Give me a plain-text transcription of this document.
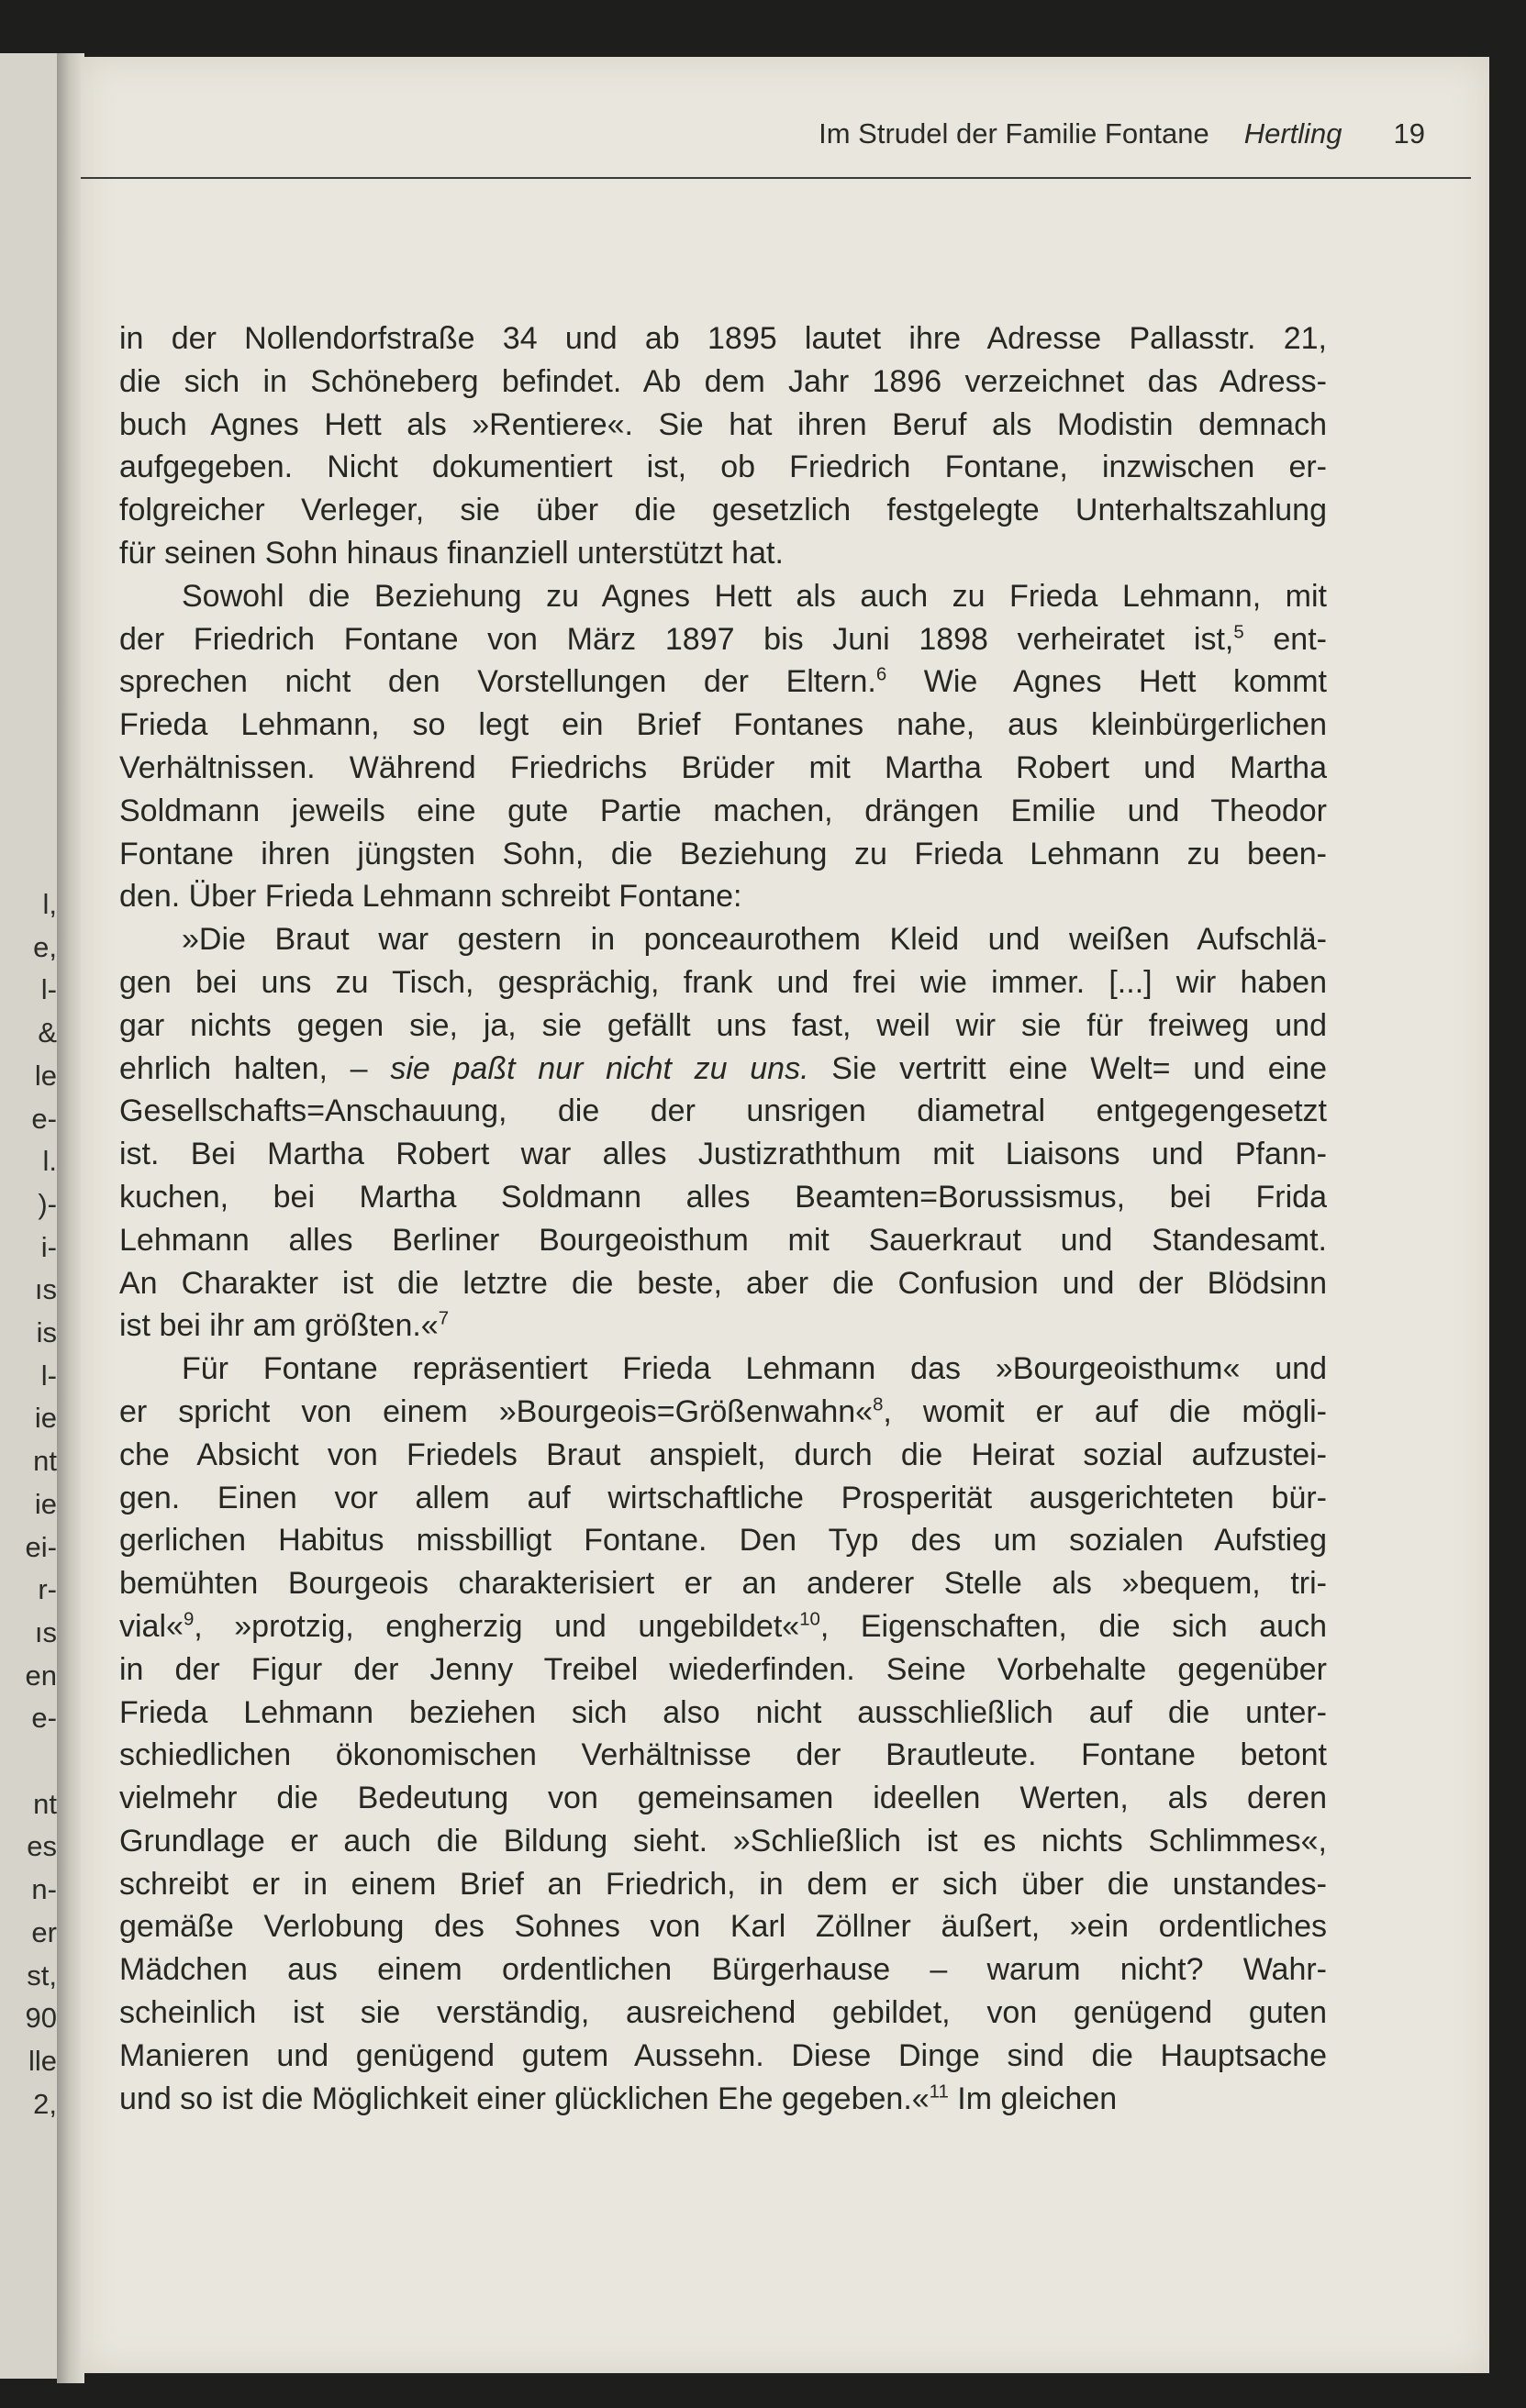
l,
e,
l-
&
le
e-
l.
)-
i-
ıs
is
l-
ie
nt
ie
ei-
r-
ıs
en
e-

nt
es
n-
er
st,
90
lle
2,
Im Strudel der Familie Fontane Hertling 19
in der Nollendorfstraße 34 und ab 1895 lautet ihre Adresse Pallasstr. 21,
die sich in Schöneberg befindet. Ab dem Jahr 1896 verzeichnet das Adress-
buch Agnes Hett als »Rentiere«. Sie hat ihren Beruf als Modistin demnach
aufgegeben. Nicht dokumentiert ist, ob Friedrich Fontane, inzwischen er-
folgreicher Verleger, sie über die gesetzlich festgelegte Unterhaltszahlung
für seinen Sohn hinaus finanziell unterstützt hat.
Sowohl die Beziehung zu Agnes Hett als auch zu Frieda Lehmann, mit
der Friedrich Fontane von März 1897 bis Juni 1898 verheiratet ist,$^5$ ent-
sprechen nicht den Vorstellungen der Eltern.$^6$ Wie Agnes Hett kommt
Frieda Lehmann, so legt ein Brief Fontanes nahe, aus kleinbürgerlichen
Verhältnissen. Während Friedrichs Brüder mit Martha Robert und Martha
Soldmann jeweils eine gute Partie machen, drängen Emilie und Theodor
Fontane ihren jüngsten Sohn, die Beziehung zu Frieda Lehmann zu been-
den. Über Frieda Lehmann schreibt Fontane:
»Die Braut war gestern in ponceaurothem Kleid und weißen Aufschlä-
gen bei uns zu Tisch, gesprächig, frank und frei wie immer. [...] wir haben
gar nichts gegen sie, ja, sie gefällt uns fast, weil wir sie für freiweg und
ehrlich halten, – sie paßt nur nicht zu uns. Sie vertritt eine Welt= und eine
Gesellschafts=Anschauung, die der unsrigen diametral entgegengesetzt
ist. Bei Martha Robert war alles Justizraththum mit Liaisons und Pfann-
kuchen, bei Martha Soldmann alles Beamten=Borussismus, bei Frida
Lehmann alles Berliner Bourgeoisthum mit Sauerkraut und Standesamt.
An Charakter ist die letztre die beste, aber die Confusion und der Blödsinn
ist bei ihr am größten.«$^7$
Für Fontane repräsentiert Frieda Lehmann das »Bourgeoisthum« und
er spricht von einem »Bourgeois=Größenwahn«$^8$, womit er auf die mögli-
che Absicht von Friedels Braut anspielt, durch die Heirat sozial aufzustei-
gen. Einen vor allem auf wirtschaftliche Prosperität ausgerichteten bür-
gerlichen Habitus missbilligt Fontane. Den Typ des um sozialen Aufstieg
bemühten Bourgeois charakterisiert er an anderer Stelle als »bequem, tri-
vial«$^9$, »protzig, engherzig und ungebildet«$^{10}$, Eigenschaften, die sich auch
in der Figur der Jenny Treibel wiederfinden. Seine Vorbehalte gegenüber
Frieda Lehmann beziehen sich also nicht ausschließlich auf die unter-
schiedlichen ökonomischen Verhältnisse der Brautleute. Fontane betont
vielmehr die Bedeutung von gemeinsamen ideellen Werten, als deren
Grundlage er auch die Bildung sieht. »Schließlich ist es nichts Schlimmes«,
schreibt er in einem Brief an Friedrich, in dem er sich über die unstandes-
gemäße Verlobung des Sohnes von Karl Zöllner äußert, »ein ordentliches
Mädchen aus einem ordentlichen Bürgerhause – warum nicht? Wahr-
scheinlich ist sie verständig, ausreichend gebildet, von genügend guten
Manieren und genügend gutem Aussehn. Diese Dinge sind die Hauptsache
und so ist die Möglichkeit einer glücklichen Ehe gegeben.«$^{11}$ Im gleichen
